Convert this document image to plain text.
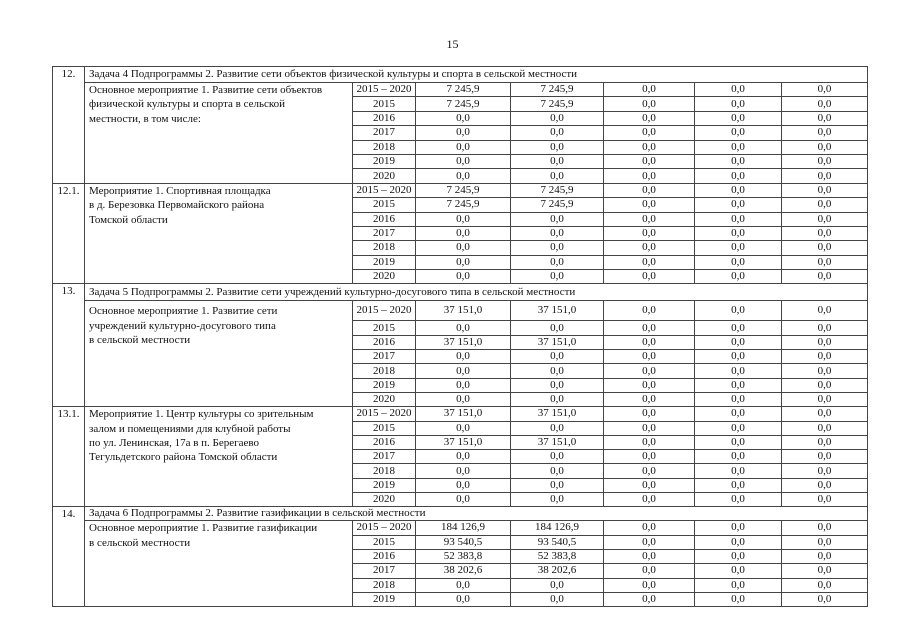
15
12.	Задача 4 Подпрограммы 2. Развитие сети объектов физической культуры и спорта в сельской местности						

	Основное мероприятие 1. Развитие сети объектов
физической культуры и спорта в сельской
местности, в том числе:	2015 – 2020	7 245,9	7 245,9	0,0	0,0	0,0
		2015	7 245,9	7 245,9	0,0	0,0	0,0
		2016	0,0	0,0	0,0	0,0	0,0
		2017	0,0	0,0	0,0	0,0	0,0
		2018	0,0	0,0	0,0	0,0	0,0
		2019	0,0	0,0	0,0	0,0	0,0
		2020	0,0	0,0	0,0	0,0	0,0
12.1.	Мероприятие 1. Спортивная площадка
в д. Березовка Первомайского района
Томской области	2015 – 2020	7 245,9	7 245,9	0,0	0,0	0,0
		2015	7 245,9	7 245,9	0,0	0,0	0,0
		2016	0,0	0,0	0,0	0,0	0,0
		2017	0,0	0,0	0,0	0,0	0,0
		2018	0,0	0,0	0,0	0,0	0,0
		2019	0,0	0,0	0,0	0,0	0,0
		2020	0,0	0,0	0,0	0,0	0,0
13.	Задача 5 Подпрограммы 2. Развитие сети учреждений культурно-досугового типа в сельской местности						

	Основное мероприятие 1. Развитие сети
учреждений культурно-досугового типа
в сельской местности	2015 – 2020	37 151,0	37 151,0	0,0	0,0	0,0
		2015	0,0	0,0	0,0	0,0	0,0
		2016	37 151,0	37 151,0	0,0	0,0	0,0
		2017	0,0	0,0	0,0	0,0	0,0
		2018	0,0	0,0	0,0	0,0	0,0
		2019	0,0	0,0	0,0	0,0	0,0
		2020	0,0	0,0	0,0	0,0	0,0
13.1.	Мероприятие 1. Центр культуры со зрительным
залом и помещениями для клубной работы
по ул. Ленинская, 17а в п. Берегаево
Тегульдетского района Томской области	2015 – 2020	37 151,0	37 151,0	0,0	0,0	0,0
		2015	0,0	0,0	0,0	0,0	0,0
		2016	37 151,0	37 151,0	0,0	0,0	0,0
		2017	0,0	0,0	0,0	0,0	0,0
		2018	0,0	0,0	0,0	0,0	0,0
		2019	0,0	0,0	0,0	0,0	0,0
		2020	0,0	0,0	0,0	0,0	0,0
14.	Задача 6 Подпрограммы 2. Развитие газификации в сельской местности						

	Основное мероприятие 1. Развитие газификации
в сельской местности	2015 – 2020	184 126,9	184 126,9	0,0	0,0	0,0
		2015	93 540,5	93 540,5	0,0	0,0	0,0
		2016	52 383,8	52 383,8	0,0	0,0	0,0
		2017	38 202,6	38 202,6	0,0	0,0	0,0
		2018	0,0	0,0	0,0	0,0	0,0
		2019	0,0	0,0	0,0	0,0	0,0
